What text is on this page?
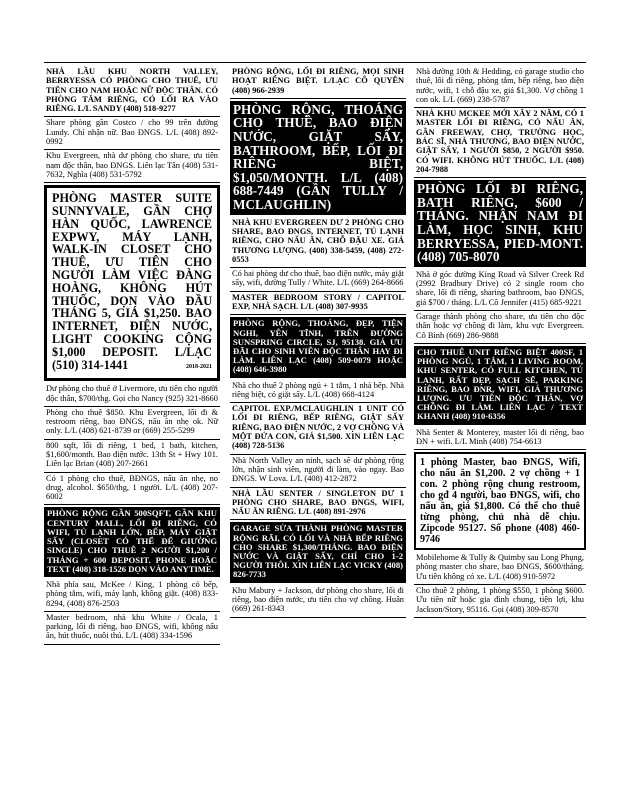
NHÀ LẦU KHU NORTH VALLEY, BERRYESSA CÓ PHÒNG CHO THUÊ, ƯU TIÊN CHO NAM HOẶC NỮ ĐỘC THÂN. CÓ PHÒNG TẮM RIÊNG, CÓ LỐI RA VÀO RIÊNG. L/L SANDY (408) 518-9277
Share phòng gần Costco / cho 99 trên đường Lundy. Chỉ nhận nữ. Bao ĐNGS. L/L (408) 892-0992
Khu Evergreen, nhà dư phòng cho share, ưu tiên nam độc thân, bao ĐNGS. Liên lạc Tân (408) 531-7632, Nghĩa (408) 531-5792
PHÒNG MASTER SUITE SUNNYVALE, GẦN CHỢ HÀN QUỐC, LAWRENCE EXPWY, MÁY LẠNH, WALK-IN CLOSET CHO THUÊ, ƯU TIÊN CHO NGƯỜI LÀM VIỆC ĐÀNG HOÀNG, KHÔNG HÚT THUỐC, DỌN VÀO ĐẦU THÁNG 5, GIÁ $1,250. BAO INTERNET, ĐIỆN NƯỚC, LIGHT COOKING CỘNG $1,000 DEPOSIT. L/LẠC (510) 314-1441	2018-2021
Dư phòng cho thuê ở Livermore, ưu tiên cho người độc thân, $700/thg. Gọi cho Nancy (925) 321-8660
Phòng cho thuê $850. Khu Evergreen, lối đi & restroom riêng, bao ĐNGS, nấu ăn nhẹ ok. Nữ only. L/L (408) 621-8739 or (669) 255-5299
800 sqft, lối đi riêng, 1 bed, 1 bath, kitchen, $1,600/month. Bao điện nước. 13th St + Hwy 101. Liên lạc Brian (408) 207-2661
Có 1 phòng cho thuê, BĐNGS, nấu ăn nhẹ, no drug, alcohol. $650/thg, 1 người. L/L (408) 207-6002
PHÒNG RỘNG GẦN 500SQFT, GẦN KHU CENTURY MALL, LỐI ĐI RIÊNG, CÓ WIFI, TỦ LẠNH LỚN, BẾP, MÁY GIẶT SẤY (CLOSET CÓ THỂ ĐỂ GIƯỜNG SINGLE) CHO THUÊ 2 NGƯỜI $1,200 / THÁNG + 600 DEPOSIT. PHONE HOẶC TEXT (408) 318-1526 DỌN VÀO ANYTIME.
Nhà phía sau, McKee / King, 1 phòng có bếp, phòng tắm, wifi, máy lạnh, không giặt. (408) 833-8294, (408) 876-2503
Master bedroom, nhà khu White / Ocala, 1 parking, lối đi riêng, bao ĐNGS, wifi, không nấu ăn, hút thuốc, nuôi thú. L/L (408) 334-1596
PHÒNG RỘNG, LỐI ĐI RIÊNG, MỌI SINH HOẠT RIÊNG BIỆT. L/LẠC CÔ QUYÊN (408) 966-2939
PHÒNG RỘNG, THOÁNG CHO THUÊ, BAO ĐIỆN NƯỚC, GIẶT SẤY, BATHROOM, BẾP, LỐI ĐI RIÊNG BIỆT, $1,050/MONTH. L/L (408) 688-7449 (GẦN TULLY / MCLAUGHLIN)
NHÀ KHU EVERGREEN DƯ 2 PHÒNG CHO SHARE, BAO ĐNGS, INTERNET, TỦ LẠNH RIÊNG, CHO NẤU ĂN, CHỖ ĐẬU XE. GIÁ THƯƠNG LƯỢNG. (408) 338-5459, (408) 272-0553
Có hai phòng dư cho thuê, bao điện nước, máy giặt sấy, wifi, đường Tully / White. L/L (669) 264-8666
MASTER BEDROOM STORY / CAPITOL EXP, NHÀ SẠCH. L/L (408) 307-9935
PHÒNG RỘNG, THOÁNG, ĐẸP, TIỆN NGHI, YÊN TĨNH, TRÊN ĐƯỜNG SUNSPRING CIRCLE, SJ, 95138. GIÁ ƯU ĐÃI CHO SINH VIÊN ĐỘC THÂN HAY ĐI LÀM. LIÊN LẠC (408) 509-0079 HOẶC (408) 646-3980
Nhà cho thuê 2 phòng ngủ + 1 tắm, 1 nhà bếp. Nhà riêng biệt, có giặt sấy. L/L (408) 668-4124
CAPITOL EXP./MCLAUGHLIN 1 UNIT CÓ LỐI ĐI RIÊNG, BẾP RIÊNG, GIẶT SẤY RIÊNG, BAO ĐIỆN NƯỚC, 2 VỢ CHỒNG VÀ MỘT ĐỨA CON, GIÁ $1,500. XIN LIÊN LẠC (408) 728-5136
Nhà North Valley an ninh, sạch sẽ dư phòng rộng lớn, nhận sinh viên, người đi làm, vào ngay. Bao ĐNGS. W Lova. L/L (408) 412-2872
NHÀ LẦU SENTER / SINGLETON DƯ 1 PHÒNG CHO SHARE, BAO ĐNGS, WIFI, NẤU ĂN RIÊNG. L/L (408) 891-2976
GARAGE SỬA THÀNH PHÒNG MASTER RỘNG RÃI, CÓ LỐI VÀ NHÀ BẾP RIÊNG CHO SHARE $1,300/THÁNG. BAO ĐIỆN NƯỚC VÀ GIẶT SẤY, CHỈ CHO 1-2 NGƯỜI THÔI. XIN LIÊN LẠC VICKY (408) 826-7733
Khu Mabury + Jackson, dư phòng cho share, lối đi riêng, bao điện nước, ưu tiên cho vợ chồng. Huân (669) 261-8343
Nhà đường 10th & Hedding, có garage studio cho thuê, lối đi riêng, phòng tắm, bếp riêng, bao điện nước, wifi, 1 chỗ đậu xe, giá $1,300. Vợ chồng 1 con ok. L/L (669) 238-5787
NHÀ KHU MCKEE MỚI XÂY 2 NĂM, CÓ 1 MASTER LỐI ĐI RIÊNG, CÓ NẤU ĂN, GẦN FREEWAY, CHỢ, TRƯỜNG HỌC, BÁC SĨ, NHÀ THƯƠNG, BAO ĐIỆN NƯỚC, GIẶT SẤY, 1 NGƯỜI $850, 2 NGƯỜI $950. CÓ WIFI. KHÔNG HÚT THUỐC. L/L (408) 204-7988
PHÒNG LỐI ĐI RIÊNG, BATH RIÊNG, $600 / THÁNG. NHẬN NAM ĐI LÀM, HỌC SINH, KHU BERRYESSA, PIED-MONT. (408) 705-8070
Nhà ở góc đường King Road và Silver Creek Rd (2992 Bradbury Drive) có 2 single room cho share, lối đi riêng, sharing bathroom, bao ĐNGS, giá $700 / tháng. L/L Cô Jennifer (415) 685-9221
Garage thành phòng cho share, ưu tiên cho độc thân hoặc vợ chồng đi làm, khu vực Evergreen. Cô Bình (669) 286-9888
CHO THUÊ UNIT RIÊNG BIỆT 400SF, 1 PHÒNG NGỦ, 1 TẮM, 1 LIVING ROOM, KHU SENTER, CÓ FULL KITCHEN, TỦ LẠNH, RẤT ĐẸP, SẠCH SẼ, PARKING RIÊNG, BAO ĐNR, WIFI, GIÁ THƯƠNG LƯỢNG. ƯU TIÊN ĐỘC THÂN, VỢ CHỒNG ĐI LÀM. LIÊN LẠC / TEXT KHANH (408) 910-6356
Nhà Senter & Monterey, master lối đi riêng, bao ĐN + wifi. L/L Minh (408) 754-6613
1 phòng Master, bao ĐNGS, Wifi, cho nấu ăn $1,200. 2 vợ chồng + 1 con. 2 phòng rộng chung restroom, cho gđ 4 người, bao ĐNGS, wifi, cho nấu ăn, giá $1,800. Có thể cho thuê từng phòng, chủ nhà dễ chịu. Zipcode 95127. Số phone (408) 460-9746
Mobilehome & Tully & Quimby sau Long Phụng, phòng master cho share, bao ĐNGS, $600/tháng. Ưu tiên không có xe. L/L (408) 910-5972
Cho thuê 2 phòng, 1 phòng $550, 1 phòng $600. Ưu tiên nữ hoặc gia đình chung, tiện lợi, khu Jackson/Story, 95116. Gọi (408) 309-8570
